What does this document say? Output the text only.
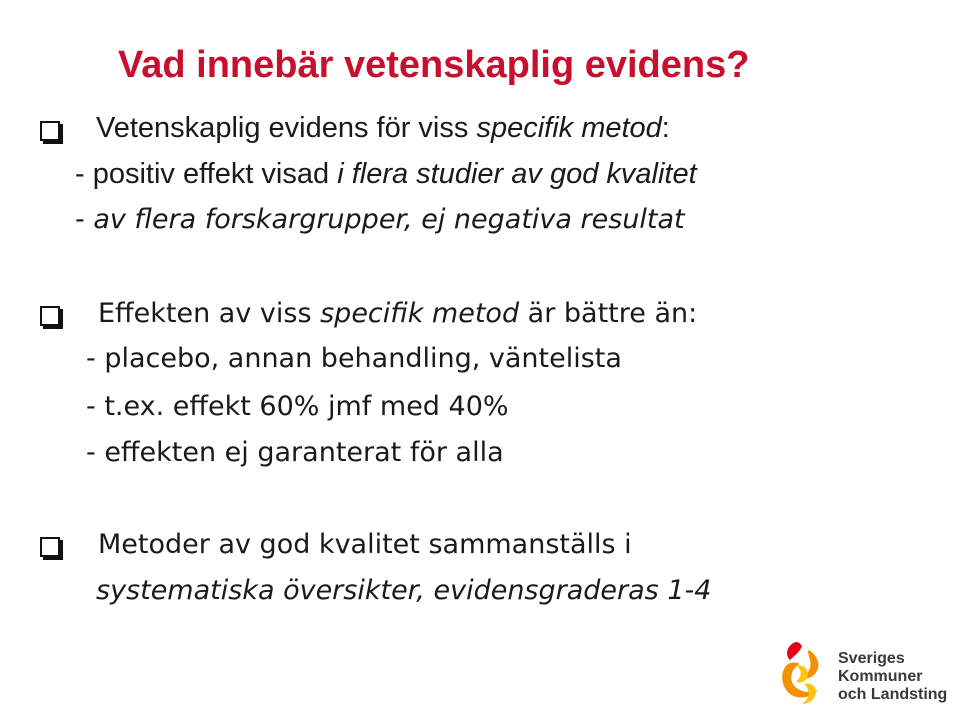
Vad innebär vetenskaplig evidens?
Vetenskaplig evidens för viss specifik metod:
- positiv effekt visad i flera studier av god kvalitet
- av flera forskargrupper, ej negativa resultat
Effekten av viss specifik metod är bättre än:
- placebo, annan behandling, väntelista
- t.ex. effekt 60% jmf med 40%
- effekten ej garanterat för alla
Metoder av god kvalitet sammanställs i
systematiska översikter, evidensgraderas 1-4
Sveriges
Kommuner
och Landsting
